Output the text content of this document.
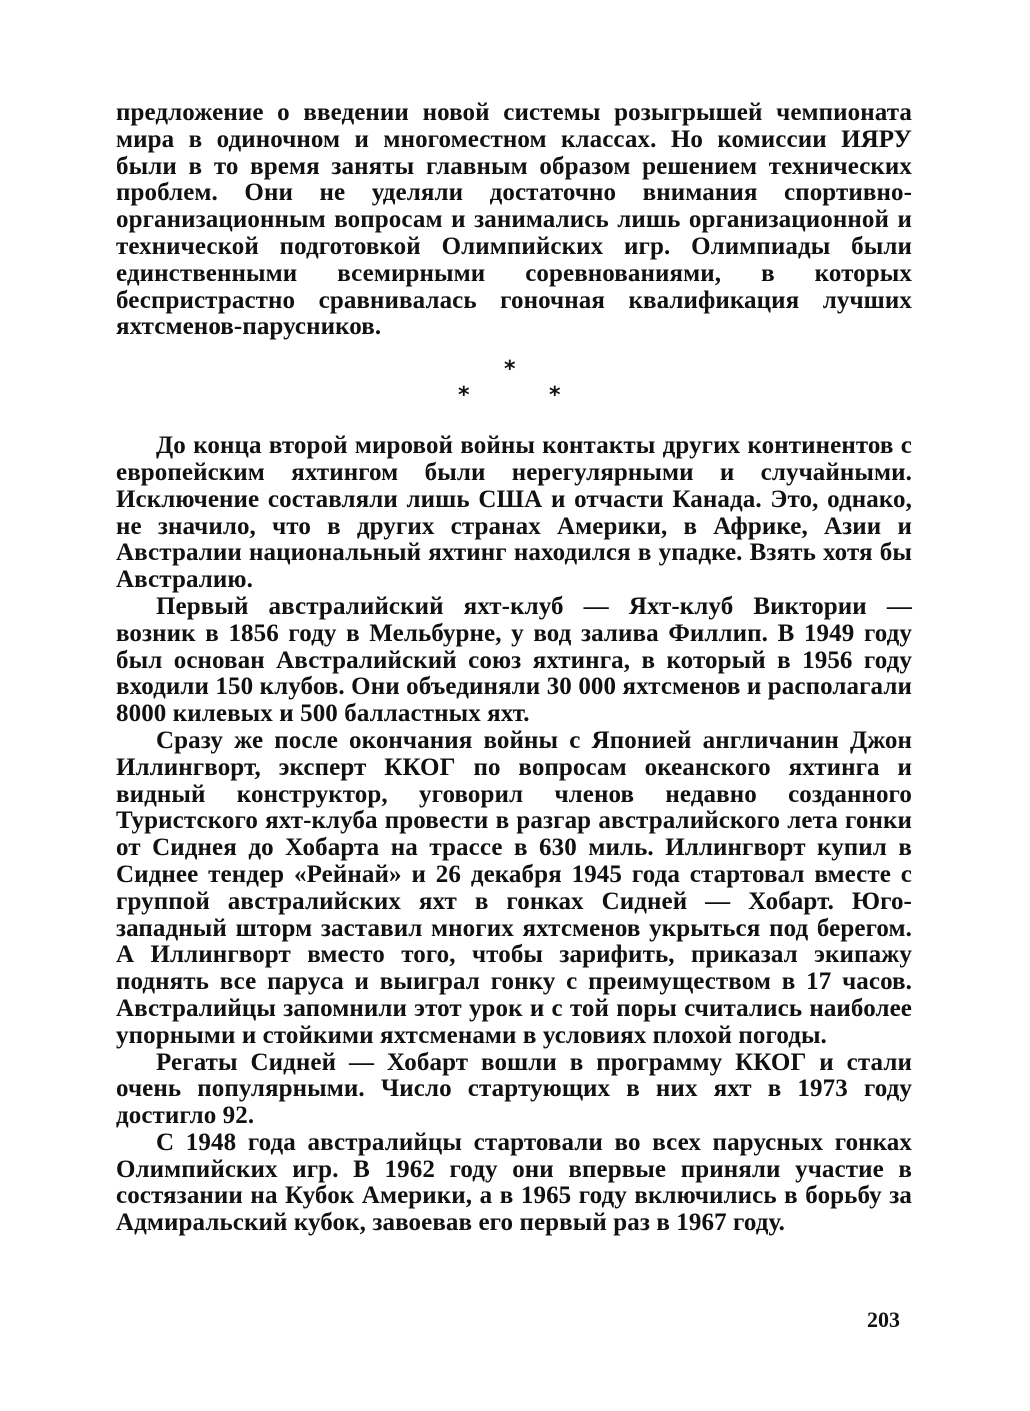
предложение о введении новой системы розыгрышей чемпионата мира в одиночном и многоместном классах. Но комиссии ИЯРУ были в то время заняты главным образом решением технических проблем. Они не уделяли достаточно внимания спортивно-организационным вопросам и занимались лишь организационной и технической подготовкой Олимпийских игр. Олимпиады были единственными всемирными соревнованиями, в которых беспристрастно сравнивалась гоночная квалификация лучших яхтсменов-парусников.

*
*	*

До конца второй мировой войны контакты других континентов с европейским яхтингом были нерегулярными и случайными. Исключение составляли лишь США и отчасти Канада. Это, однако, не значило, что в других странах Америки, в Африке, Азии и Австралии национальный яхтинг находился в упадке. Взять хотя бы Австралию.

Первый австралийский яхт-клуб — Яхт-клуб Виктории — возник в 1856 году в Мельбурне, у вод залива Филлип. В 1949 году был основан Австралийский союз яхтинга, в который в 1956 году входили 150 клубов. Они объединяли 30 000 яхтсменов и располагали 8000 килевых и 500 балластных яхт.

Сразу же после окончания войны с Японией англичанин Джон Иллингворт, эксперт ККОГ по вопросам океанского яхтинга и видный конструктор, уговорил членов недавно созданного Туристского яхт-клуба провести в разгар австралийского лета гонки от Сиднея до Хобарта на трассе в 630 миль. Иллингворт купил в Сиднее тендер «Рейнай» и 26 декабря 1945 года стартовал вместе с группой австралийских яхт в гонках Сидней — Хобарт. Юго-западный шторм заставил многих яхтсменов укрыться под берегом. А Иллингворт вместо того, чтобы зарифить, приказал экипажу поднять все паруса и выиграл гонку с преимуществом в 17 часов. Австралийцы запомнили этот урок и с той поры считались наиболее упорными и стойкими яхтсменами в условиях плохой погоды.

Регаты Сидней — Хобарт вошли в программу ККОГ и стали очень популярными. Число стартующих в них яхт в 1973 году достигло 92.

С 1948 года австралийцы стартовали во всех парусных гонках Олимпийских игр. В 1962 году они впервые приняли участие в состязании на Кубок Америки, а в 1965 году включились в борьбу за Адмиральский кубок, завоевав его первый раз в 1967 году.

203
